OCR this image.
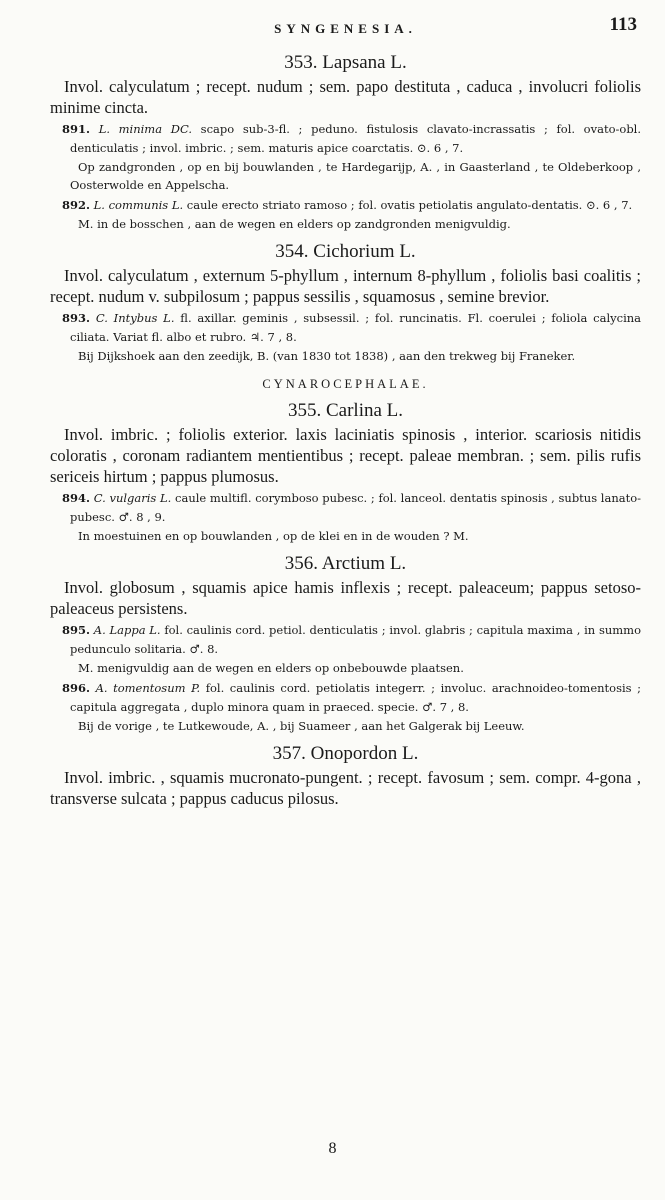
$_{SYNGENESIA.}$	113
353. Lapsana L.

Invol. calyculatum ; recept. nudum ; sem. papo destituta , caduca , involucri foliolis minime cincta.

891. L. minima DC. scapo sub-3-fl. ; peduno. fistulosis clavato-incrassatis ; fol. ovato-obl. denticulatis ; invol. imbric. ; sem. maturis apice coarctatis. ⊙. 6 , 7.

Op zandgronden , op en bij bouwlanden , te Hardegarijp, A. , in Gaasterland , te Oldeberkoop , Oosterwolde en Appelscha.

892. L. communis L. caule erecto striato ramoso ; fol. ovatis petiolatis angulato-dentatis. ⊙. 6 , 7.

M. in de bosschen , aan de wegen en elders op zandgronden menigvuldig.

354. Cichorium L.

Invol. calyculatum , externum 5-phyllum , internum 8-phyllum , foliolis basi coalitis ; recept. nudum v. subpilosum ; pappus sessilis , squamosus , semine brevior.

893. C. Intybus L. fl. axillar. geminis , subsessil. ; fol. runcinatis. Fl. coerulei ; foliola calycina ciliata. Variat fl. albo et rubro. ♃. 7 , 8.

Bij Dijkshoek aan den zeedijk, B. (van 1830 tot 1838) , aan den trekweg bij Franeker.

CYNAROCEPHALAE.
355. Carlina L.

Invol. imbric. ; foliolis exterior. laxis laciniatis spinosis , interior. scariosis nitidis coloratis , coronam radiantem mentientibus ; recept. paleae membran. ; sem. pilis rufis sericeis hirtum ; pappus plumosus.

894. C. vulgaris L. caule multifl. corymboso pubesc. ; fol. lanceol. dentatis spinosis , subtus lanato-pubesc. ♂. 8 , 9.

In moestuinen en op bouwlanden , op de klei en in de wouden ? M.

356. Arctium L.

Invol. globosum , squamis apice hamis inflexis ; recept. paleaceum; pappus setoso-paleaceus persistens.

895. A. Lappa L. fol. caulinis cord. petiol. denticulatis ; invol. glabris ; capitula maxima , in summo pedunculo solitaria. ♂. 8.

M. menigvuldig aan de wegen en elders op onbebouwde plaatsen.

896. A. tomentosum P. fol. caulinis cord. petiolatis integerr. ; involuc. arachnoideo-tomentosis ; capitula aggregata , duplo minora quam in praeced. specie. ♂. 7 , 8.

Bij de vorige , te Lutkewoude, A. , bij Suameer , aan het Galgerak bij Leeuw.

357. Onopordon L.

Invol. imbric. , squamis mucronato-pungent. ; recept. favosum ; sem. compr. 4-gona , transverse sulcata ; pappus caducus pilosus.

8
